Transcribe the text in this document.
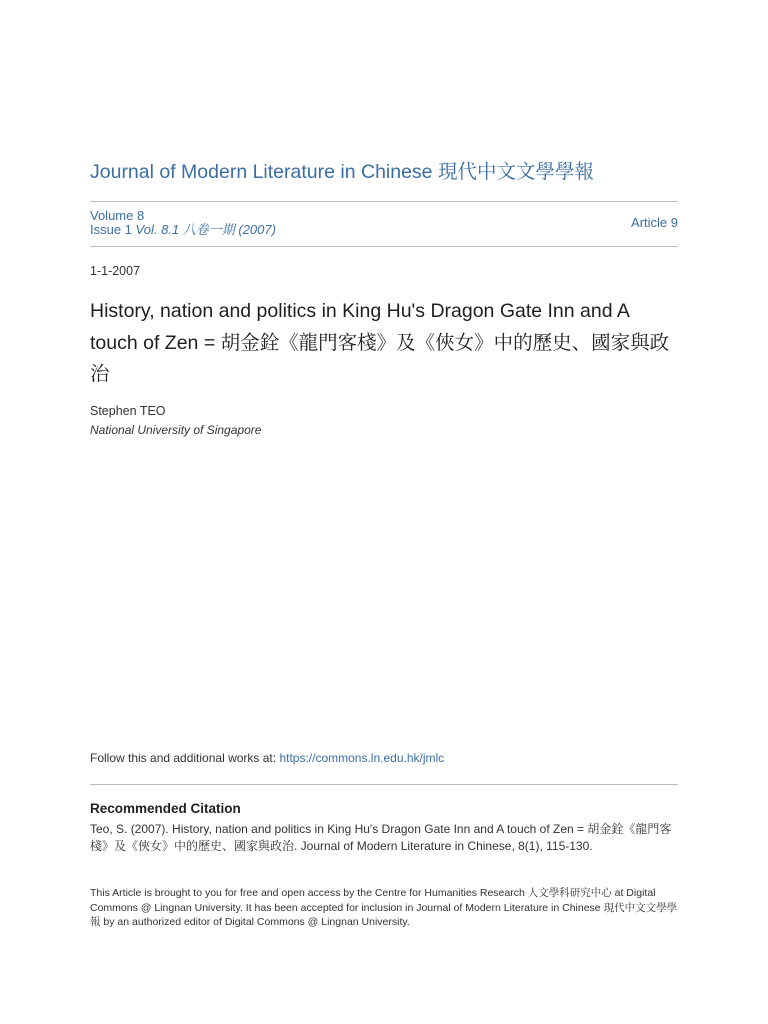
Journal of Modern Literature in Chinese 現代中文文學學報
Volume 8
Issue 1 Vol. 8.1 八卷一期 (2007)	Article 9
1-1-2007
History, nation and politics in King Hu's Dragon Gate Inn and A touch of Zen = 胡金銓《龍門客棧》及《俠女》中的歷史、國家與政治
Stephen TEO
National University of Singapore
Follow this and additional works at: https://commons.ln.edu.hk/jmlc
Recommended Citation
Teo, S. (2007). History, nation and politics in King Hu's Dragon Gate Inn and A touch of Zen = 胡金銓《龍門客棧》及《俠女》中的歷史、國家與政治. Journal of Modern Literature in Chinese, 8(1), 115-130.
This Article is brought to you for free and open access by the Centre for Humanities Research 人文學科研究中心 at Digital Commons @ Lingnan University. It has been accepted for inclusion in Journal of Modern Literature in Chinese 現代中文文學學報 by an authorized editor of Digital Commons @ Lingnan University.
